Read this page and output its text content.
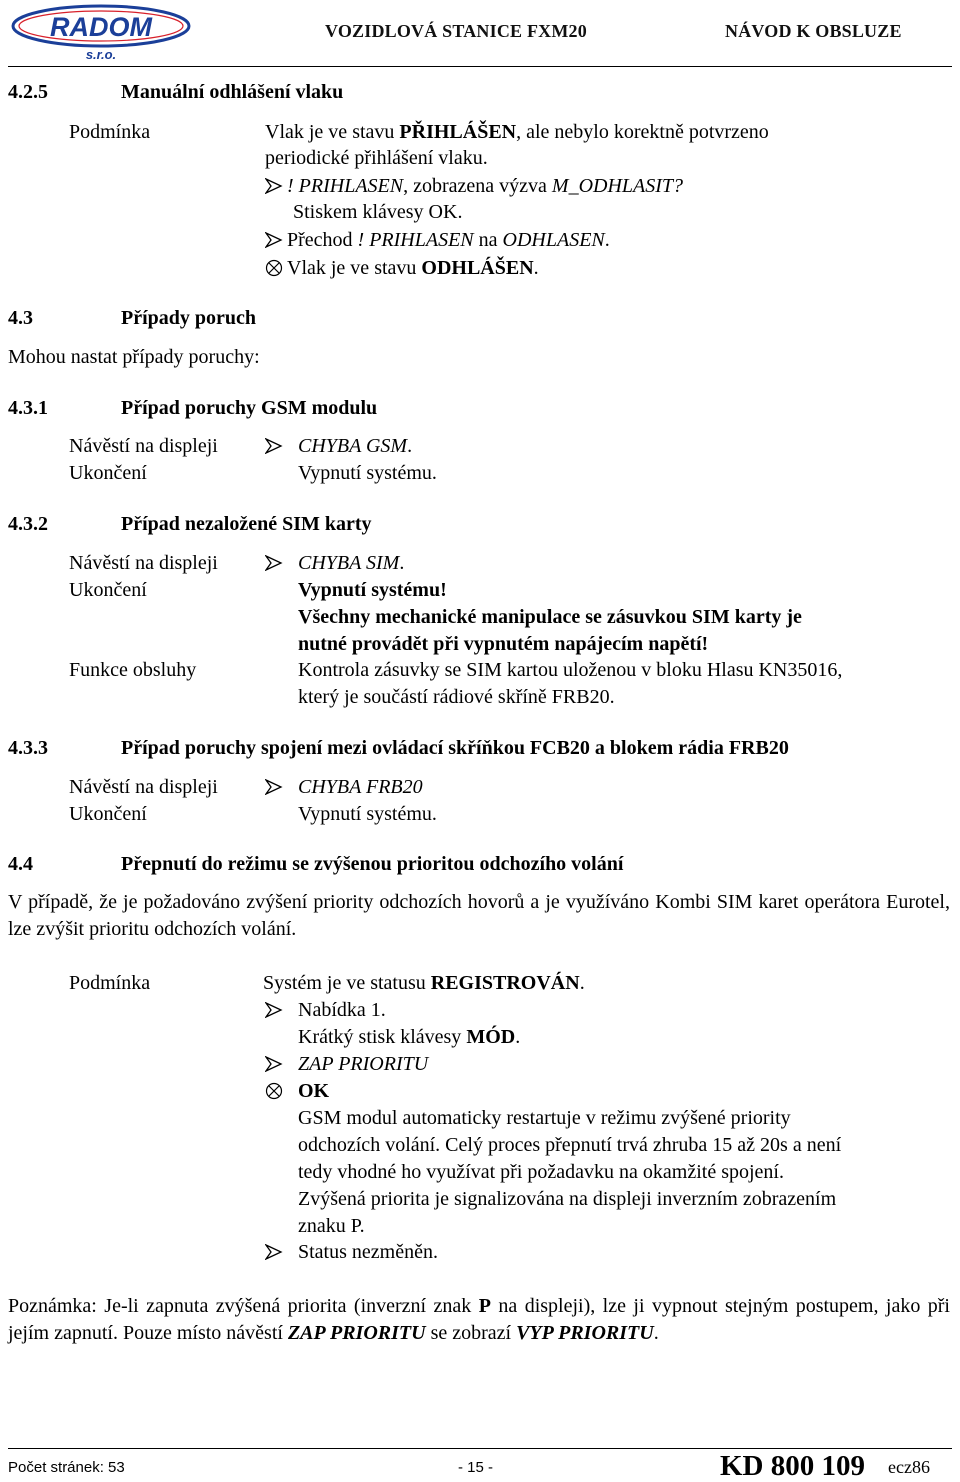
RADOM
s.r.o.
VOZIDLOVÁ STANICE FXM20	NÁVOD K OBSLUZE
4.2.5	Manuální odhlášení vlaku
Podmínka	Vlak je ve stavu PŘIHLÁŠEN, ale nebylo korektně potvrzeno
periodické přihlášení vlaku.
! PRIHLASEN, zobrazena výzva M_ODHLASIT?
Stiskem klávesy OK.
Přechod ! PRIHLASEN na ODHLASEN.
Vlak je ve stavu ODHLÁŠEN.
4.3	Případy poruch
Mohou nastat případy poruchy:
4.3.1	Případ poruchy GSM modulu
Návěstí na displeji	CHYBA GSM.
Ukončení	Vypnutí systému.
4.3.2	Případ nezaložené SIM karty
Návěstí na displeji	CHYBA SIM.
Ukončení	Vypnutí systému!
Všechny mechanické manipulace se zásuvkou SIM karty je
nutné provádět při vypnutém napájecím napětí!
Funkce obsluhy	Kontrola zásuvky se SIM kartou uloženou v bloku Hlasu KN35016,
který je součástí rádiové skříně FRB20.
4.3.3	Případ poruchy spojení mezi ovládací skříňkou FCB20 a blokem rádia FRB20
Návěstí na displeji	CHYBA FRB20
Ukončení	Vypnutí systému.
4.4	Přepnutí do režimu se zvýšenou prioritou odchozího volání
V případě, že je požadováno zvýšení priority odchozích hovorů a je využíváno Kombi SIM karet operátora Eurotel, lze zvýšit prioritu odchozích volání.
Podmínka	Systém je ve statusu REGISTROVÁN.
Nabídka 1.
Krátký stisk klávesy MÓD.
ZAP PRIORITU
OK
GSM modul automaticky restartuje v režimu zvýšené priority
odchozích volání. Celý proces přepnutí trvá zhruba 15 až 20s a není
tedy vhodné ho využívat při požadavku na okamžité spojení.
Zvýšená priorita je signalizována na displeji inverzním zobrazením
znaku P.
Status nezměněn.
Poznámka: Je-li zapnuta zvýšená priorita (inverzní znak P na displeji), lze ji vypnout stejným postupem, jako při jejím zapnutí. Pouze místo návěstí ZAP PRIORITU se zobrazí VYP PRIORITU.
Počet stránek: 53	- 15 -	KD 800 109 ecz86
